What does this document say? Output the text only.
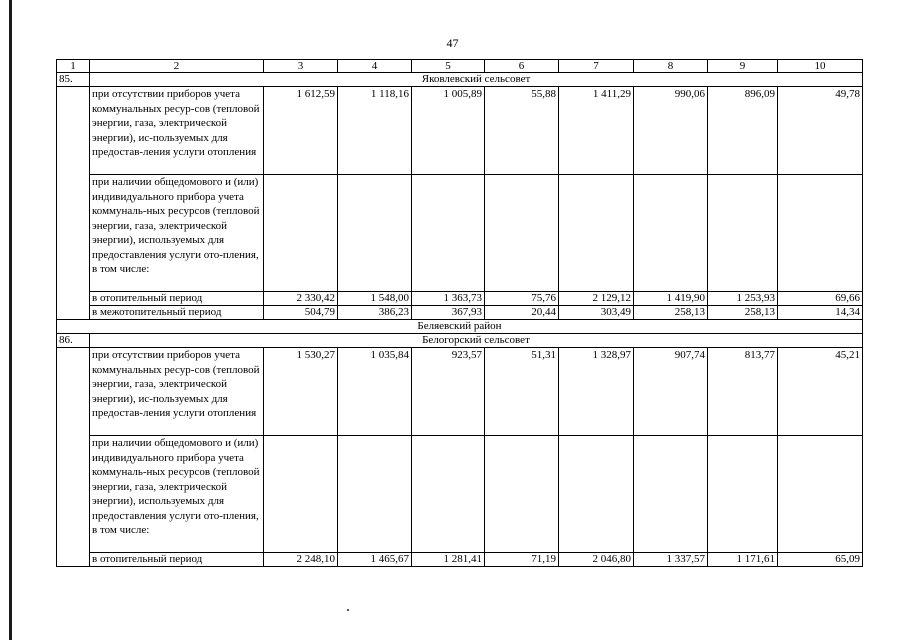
47
1	2	3	4	5	6	7	8	9	10
85.	Яковлевский сельсовет								
	при отсутствии приборов учета коммунальных ресур-сов (тепловой энергии, газа, электрической энергии), ис-пользуемых для предостав-ления услуги отопления	1 612,59	1 118,16	1 005,89	55,88	1 411,29	990,06	896,09	49,78
	при наличии общедомового и (или) индивидуального прибора учета коммуналь-ных ресурсов (тепловой энергии, газа, электрической энергии), используемых для предоставления услуги ото-пления, в том числе:								
	в отопительный период	2 330,42	1 548,00	1 363,73	75,76	2 129,12	1 419,90	1 253,93	69,66
	в межотопительный период	504,79	386,23	367,93	20,44	303,49	258,13	258,13	14,34
Беляевский район									
86.	Белогорский сельсовет								
	при отсутствии приборов учета коммунальных ресур-сов (тепловой энергии, газа, электрической энергии), ис-пользуемых для предостав-ления услуги отопления	1 530,27	1 035,84	923,57	51,31	1 328,97	907,74	813,77	45,21
	при наличии общедомового и (или) индивидуального прибора учета коммуналь-ных ресурсов (тепловой энергии, газа, электрической энергии), используемых для предоставления услуги ото-пления, в том числе:								
	в отопительный период	2 248,10	1 465,67	1 281,41	71,19	2 046,80	1 337,57	1 171,61	65,09
